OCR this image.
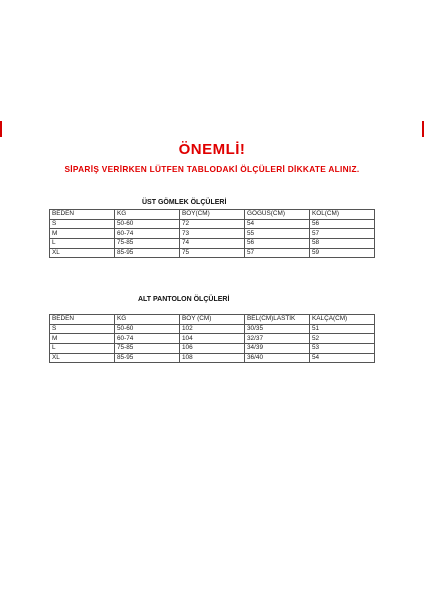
ÖNEMLİ!

SİPARİŞ VERİRKEN LÜTFEN TABLODAKİ ÖLÇÜLERİ DİKKATE ALINIZ.

ÜST GÖMLEK ÖLÇÜLERİ
BEDEN	KG	BOY(CM)	GÖĞÜS(CM)	KOL(CM)
S	50-60	72	54	56
M	60-74	73	55	57
L	75-85	74	56	58
XL	85-95	75	57	59
ALT PANTOLON ÖLÇÜLERİ
BEDEN	KG	BOY (CM)	BEL(CM)LASTİK	KALÇA(CM)
S	50-60	102	30/35	51
M	60-74	104	32/37	52
L	75-85	106	34/39	53
XL	85-95	108	36/40	54
